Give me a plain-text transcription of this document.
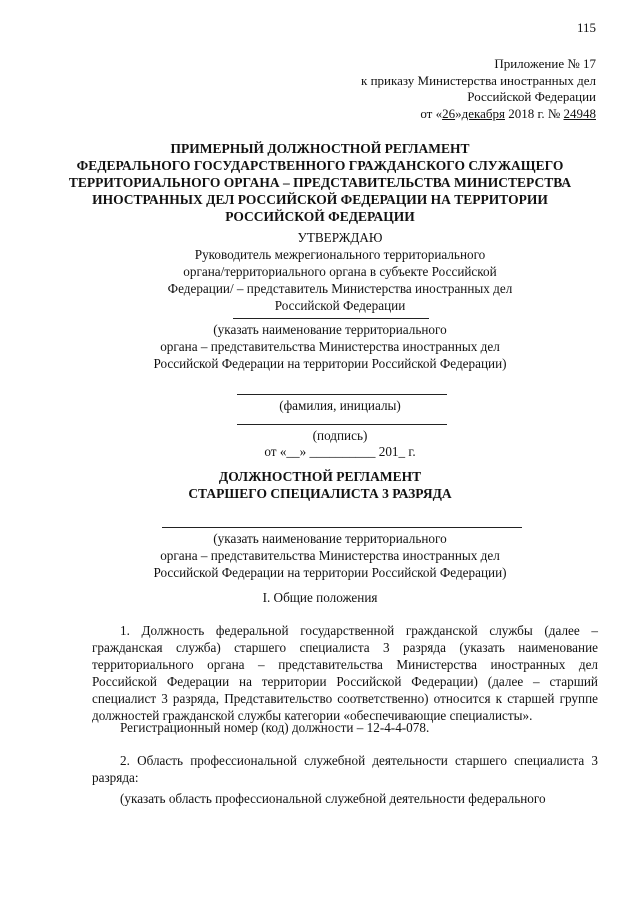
115
Приложение № 17
к приказу Министерства иностранных дел
Российской Федерации
от «26»декабря 2018 г. № 24948
ПРИМЕРНЫЙ ДОЛЖНОСТНОЙ РЕГЛАМЕНТ
ФЕДЕРАЛЬНОГО ГОСУДАРСТВЕННОГО ГРАЖДАНСКОГО СЛУЖАЩЕГО
ТЕРРИТОРИАЛЬНОГО ОРГАНА – ПРЕДСТАВИТЕЛЬСТВА МИНИСТЕРСТВА
ИНОСТРАННЫХ ДЕЛ РОССИЙСКОЙ ФЕДЕРАЦИИ НА ТЕРРИТОРИИ
РОССИЙСКОЙ ФЕДЕРАЦИИ
УТВЕРЖДАЮ
Руководитель межрегионального территориального
органа/территориального органа в субъекте Российской
Федерации/ – представитель Министерства иностранных дел
Российской Федерации
(указать наименование территориального
органа – представительства Министерства иностранных дел
Российской Федерации на территории Российской Федерации)
(фамилия, инициалы)
(подпись)
от «__» __________ 201_ г.
ДОЛЖНОСТНОЙ РЕГЛАМЕНТ
СТАРШЕГО СПЕЦИАЛИСТА 3 РАЗРЯДА
(указать наименование территориального
органа – представительства Министерства иностранных дел
Российской Федерации на территории Российской Федерации)
I. Общие положения
1. Должность федеральной государственной гражданской службы (далее – гражданская служба) старшего специалиста 3 разряда (указать наименование территориального органа – представительства Министерства иностранных дел Российской Федерации на территории Российской Федерации) (далее – старший специалист 3 разряда, Представительство соответственно) относится к старшей группе должностей гражданской службы категории «обеспечивающие специалисты».
Регистрационный номер (код) должности – 12-4-4-078.
2. Область профессиональной служебной деятельности старшего специалиста 3 разряда:
(указать область профессиональной служебной деятельности федерального
